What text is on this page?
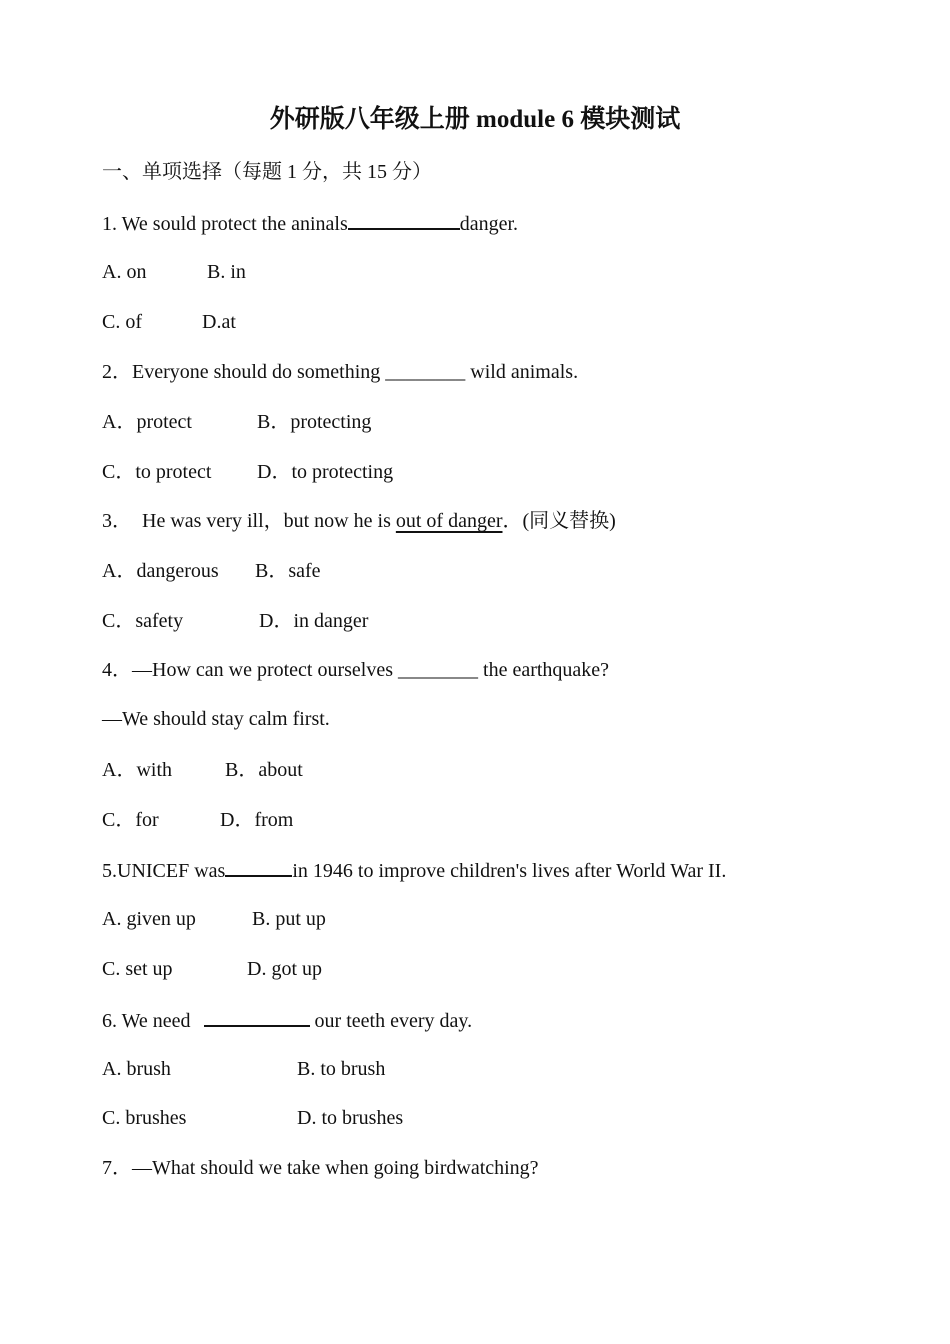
外研版八年级上册 module 6 模块测试
一、单项选择（每题 1 分，共 15 分）
1. We sould protect the aninals	danger.
A. on	B. in
C. of	D.at
2．Everyone should do something ________ wild animals.
A．protect	B．protecting
C．to protect D．to protecting
3．  He was very ill，but now he is out of danger．(同义替换)
A．dangerous B．safe
C．safety	D．in danger
4．—How can we protect ourselves ________ the earthquake?
—We should stay calm first.
A．with	B．about
C．for	D．from
5.UNICEF was	in 1946 to improve children's lives after World War II.
A. given up	B. put up
C. set up	D. got up
6. We need	our teeth every day.
A. brush	B. to brush
C. brushes	D. to brushes
7．—What should we take when going birdwatching?
